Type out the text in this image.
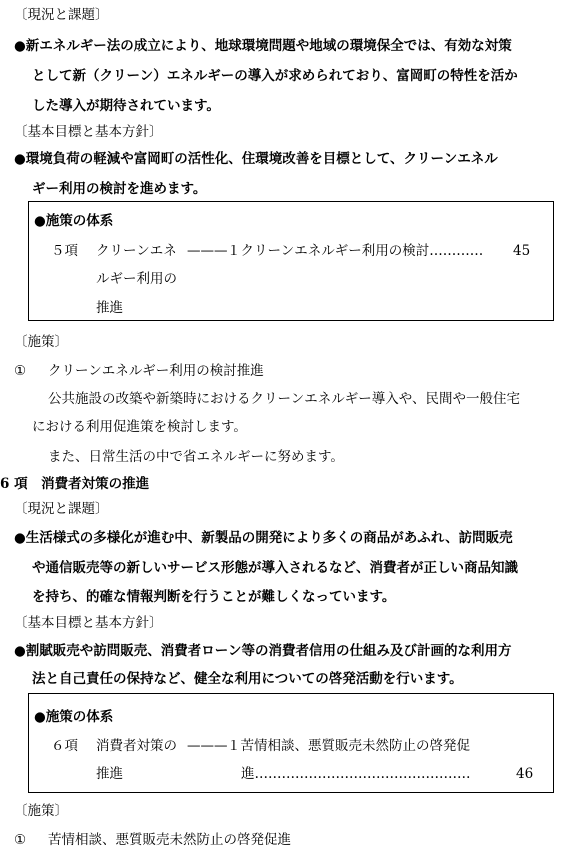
〔現況と課題〕
●新エネルギー法の成立により、地球環境問題や地域の環境保全では、有効な対策
として新（クリーン）エネルギーの導入が求められており、富岡町の特性を活か
した導入が期待されています。
〔基本目標と基本方針〕
●環境負荷の軽減や富岡町の活性化、住環境改善を目標として、クリーンエネル
ギー利用の検討を進めます。
●施策の体系
５項 クリーンエネ ——— １クリーンエネルギー利用の検討………… 45
ルギー利用の
推進
〔施策〕
① クリーンエネルギー利用の検討推進
公共施設の改築や新築時におけるクリーンエネルギー導入や、民間や一般住宅
における利用促進策を検討します。
また、日常生活の中で省エネルギーに努めます。
6 項　消費者対策の推進
〔現況と課題〕
●生活様式の多様化が進む中、新製品の開発により多くの商品があふれ、訪問販売
や通信販売等の新しいサービス形態が導入されるなど、消費者が正しい商品知識
を持ち、的確な情報判断を行うことが難しくなっています。
〔基本目標と基本方針〕
●割賦販売や訪問販売、消費者ローン等の消費者信用の仕組み及び計画的な利用方
法と自己責任の保持など、健全な利用についての啓発活動を行います。
●施策の体系
６項 消費者対策の ——— １苦情相談、悪質販売未然防止の啓発促
推進	進…………………………………………	46
〔施策〕
① 苦情相談、悪質販売未然防止の啓発促進
